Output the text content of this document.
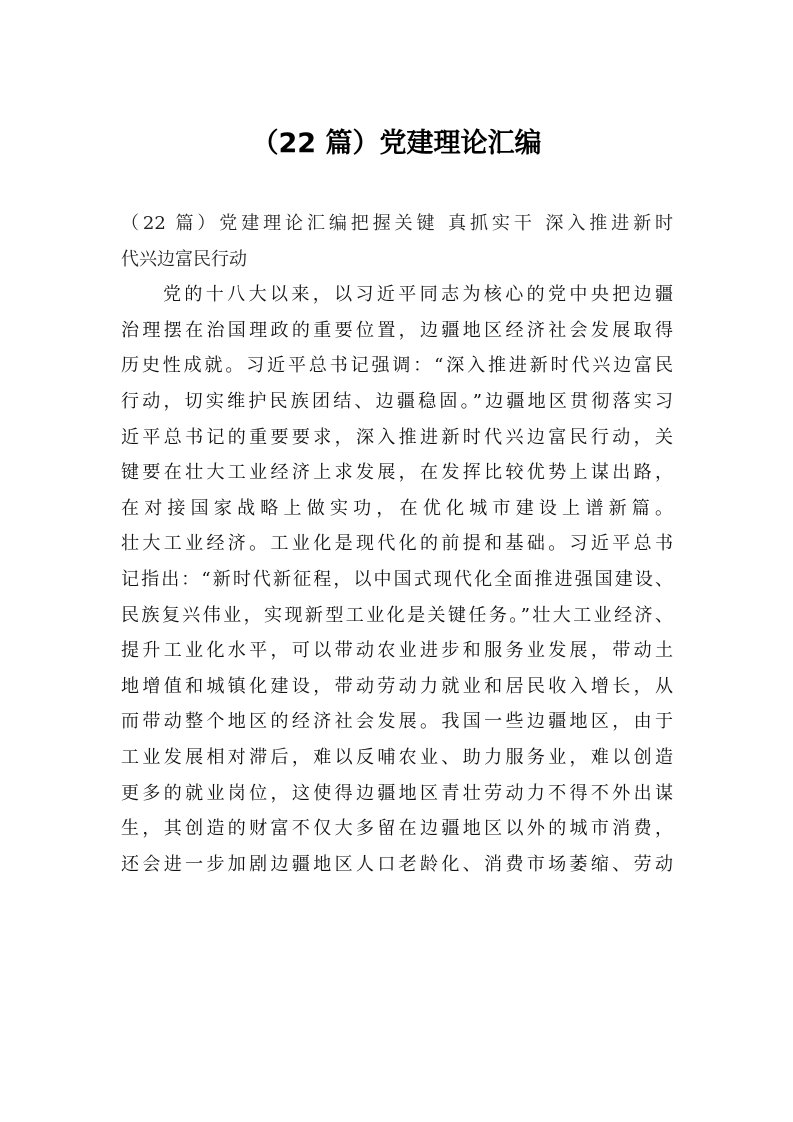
（22 篇）党建理论汇编
（22 篇）党建理论汇编把握关键 真抓实干 深入推进新时
代兴边富民行动
党的十八大以来，以习近平同志为核心的党中央把边疆
治理摆在治国理政的重要位置，边疆地区经济社会发展取得
历史性成就。习近平总书记强调：“深入推进新时代兴边富民
行动，切实维护民族团结、边疆稳固。”边疆地区贯彻落实习
近平总书记的重要要求，深入推进新时代兴边富民行动，关
键要在壮大工业经济上求发展，在发挥比较优势上谋出路，
在对接国家战略上做实功，在优化城市建设上谱新篇。
壮大工业经济。工业化是现代化的前提和基础。习近平总书
记指出：“新时代新征程，以中国式现代化全面推进强国建设、
民族复兴伟业，实现新型工业化是关键任务。”壮大工业经济、
提升工业化水平，可以带动农业进步和服务业发展，带动土
地增值和城镇化建设，带动劳动力就业和居民收入增长，从
而带动整个地区的经济社会发展。我国一些边疆地区，由于
工业发展相对滞后，难以反哺农业、助力服务业，难以创造
更多的就业岗位，这使得边疆地区青壮劳动力不得不外出谋
生，其创造的财富不仅大多留在边疆地区以外的城市消费，
还会进一步加剧边疆地区人口老龄化、消费市场萎缩、劳动
